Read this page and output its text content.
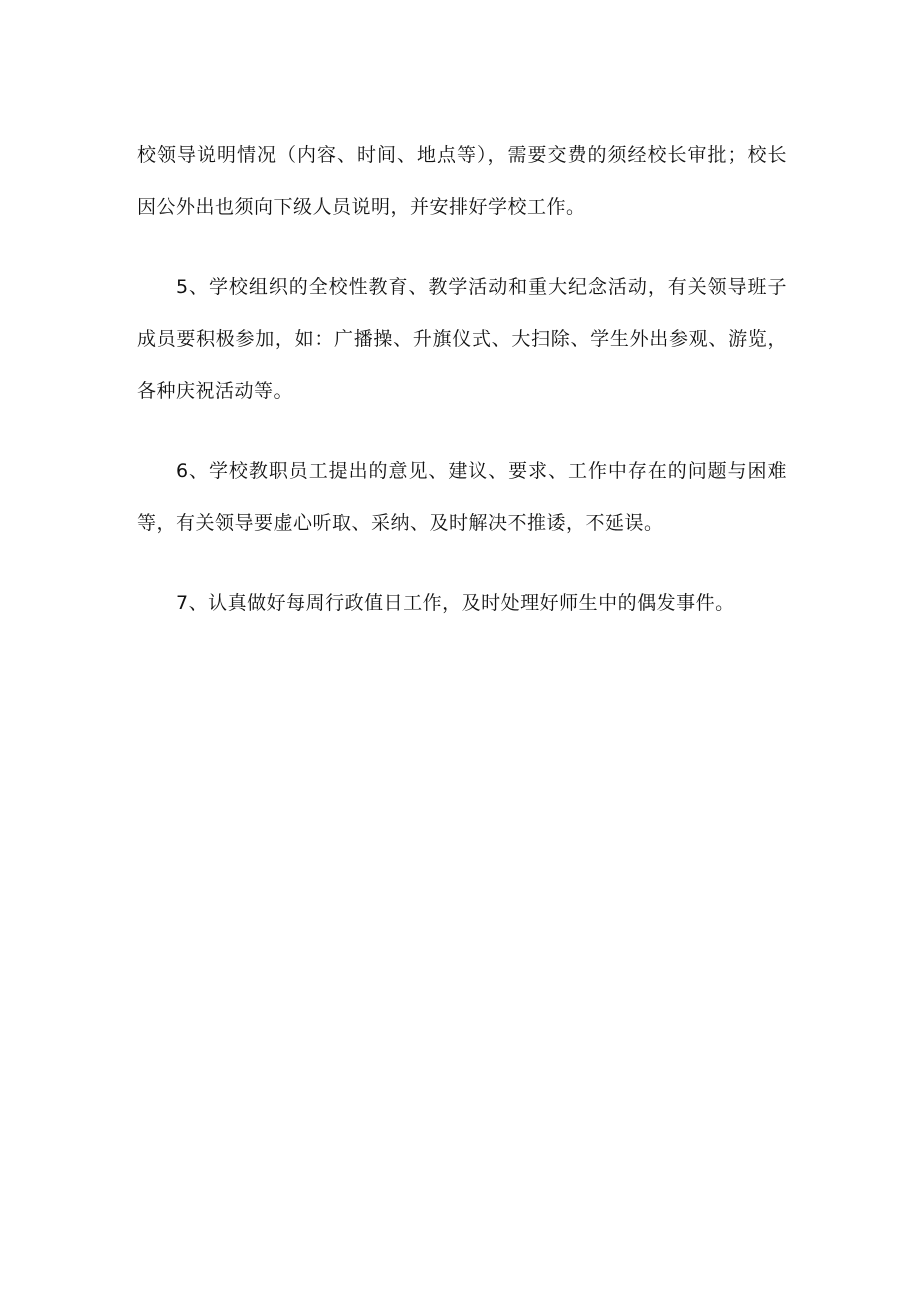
校领导说明情况（内容、时间、地点等），需要交费的须经校长审批；校长因公外出也须向下级人员说明，并安排好学校工作。

5、学校组织的全校性教育、教学活动和重大纪念活动，有关领导班子成员要积极参加，如：广播操、升旗仪式、大扫除、学生外出参观、游览，各种庆祝活动等。

6、学校教职员工提出的意见、建议、要求、工作中存在的问题与困难等，有关领导要虚心听取、采纳、及时解决不推诿，不延误。

7、认真做好每周行政值日工作，及时处理好师生中的偶发事件。
